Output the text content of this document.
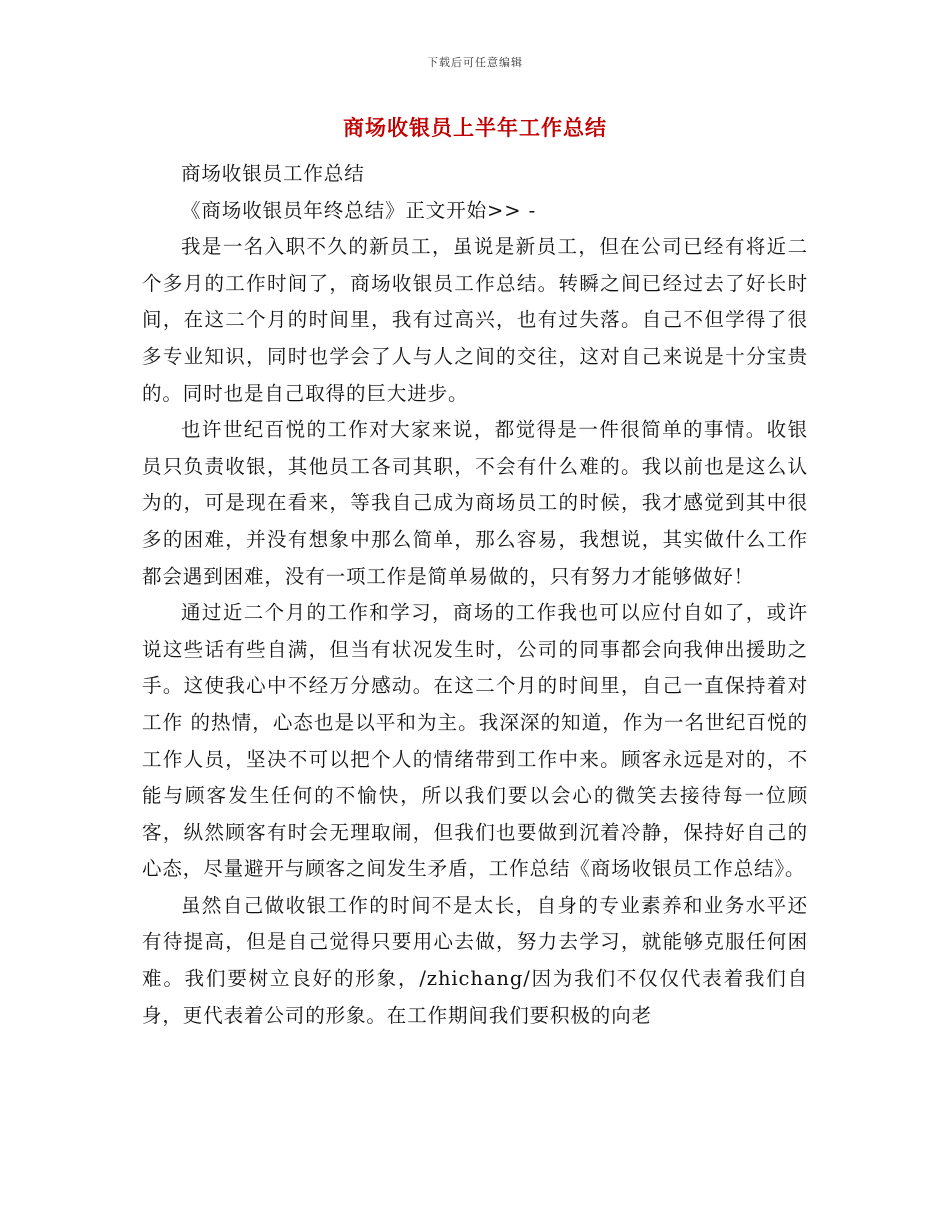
下载后可任意编辑
商场收银员上半年工作总结

商场收银员工作总结

《商场收银员年终总结》正文开始>> -

我是一名入职不久的新员工，虽说是新员工，但在公司已经有将近二个多月的工作时间了，商场收银员工作总结。转瞬之间已经过去了好长时间，在这二个月的时间里，我有过高兴，也有过失落。自己不但学得了很多专业知识，同时也学会了人与人之间的交往，这对自己来说是十分宝贵的。同时也是自己取得的巨大进步。

也许世纪百悦的工作对大家来说，都觉得是一件很简单的事情。收银员只负责收银，其他员工各司其职，不会有什么难的。我以前也是这么认为的，可是现在看来，等我自己成为商场员工的时候，我才感觉到其中很多的困难，并没有想象中那么简单，那么容易，我想说，其实做什么工作都会遇到困难，没有一项工作是简单易做的，只有努力才能够做好！

通过近二个月的工作和学习，商场的工作我也可以应付自如了，或许说这些话有些自满，但当有状况发生时，公司的同事都会向我伸出援助之手。这使我心中不经万分感动。在这二个月的时间里，自己一直保持着对工作 的热情，心态也是以平和为主。我深深的知道，作为一名世纪百悦的工作人员，坚决不可以把个人的情绪带到工作中来。顾客永远是对的，不能与顾客发生任何的不愉快，所以我们要以会心的微笑去接待每一位顾客，纵然顾客有时会无理取闹，但我们也要做到沉着冷静，保持好自己的心态，尽量避开与顾客之间发生矛盾，工作总结《商场收银员工作总结》。

虽然自己做收银工作的时间不是太长，自身的专业素养和业务水平还有待提高，但是自己觉得只要用心去做，努力去学习，就能够克服任何困难。我们要树立良好的形象，/zhichang/因为我们不仅仅代表着我们自身，更代表着公司的形象。在工作期间我们要积极的向老
